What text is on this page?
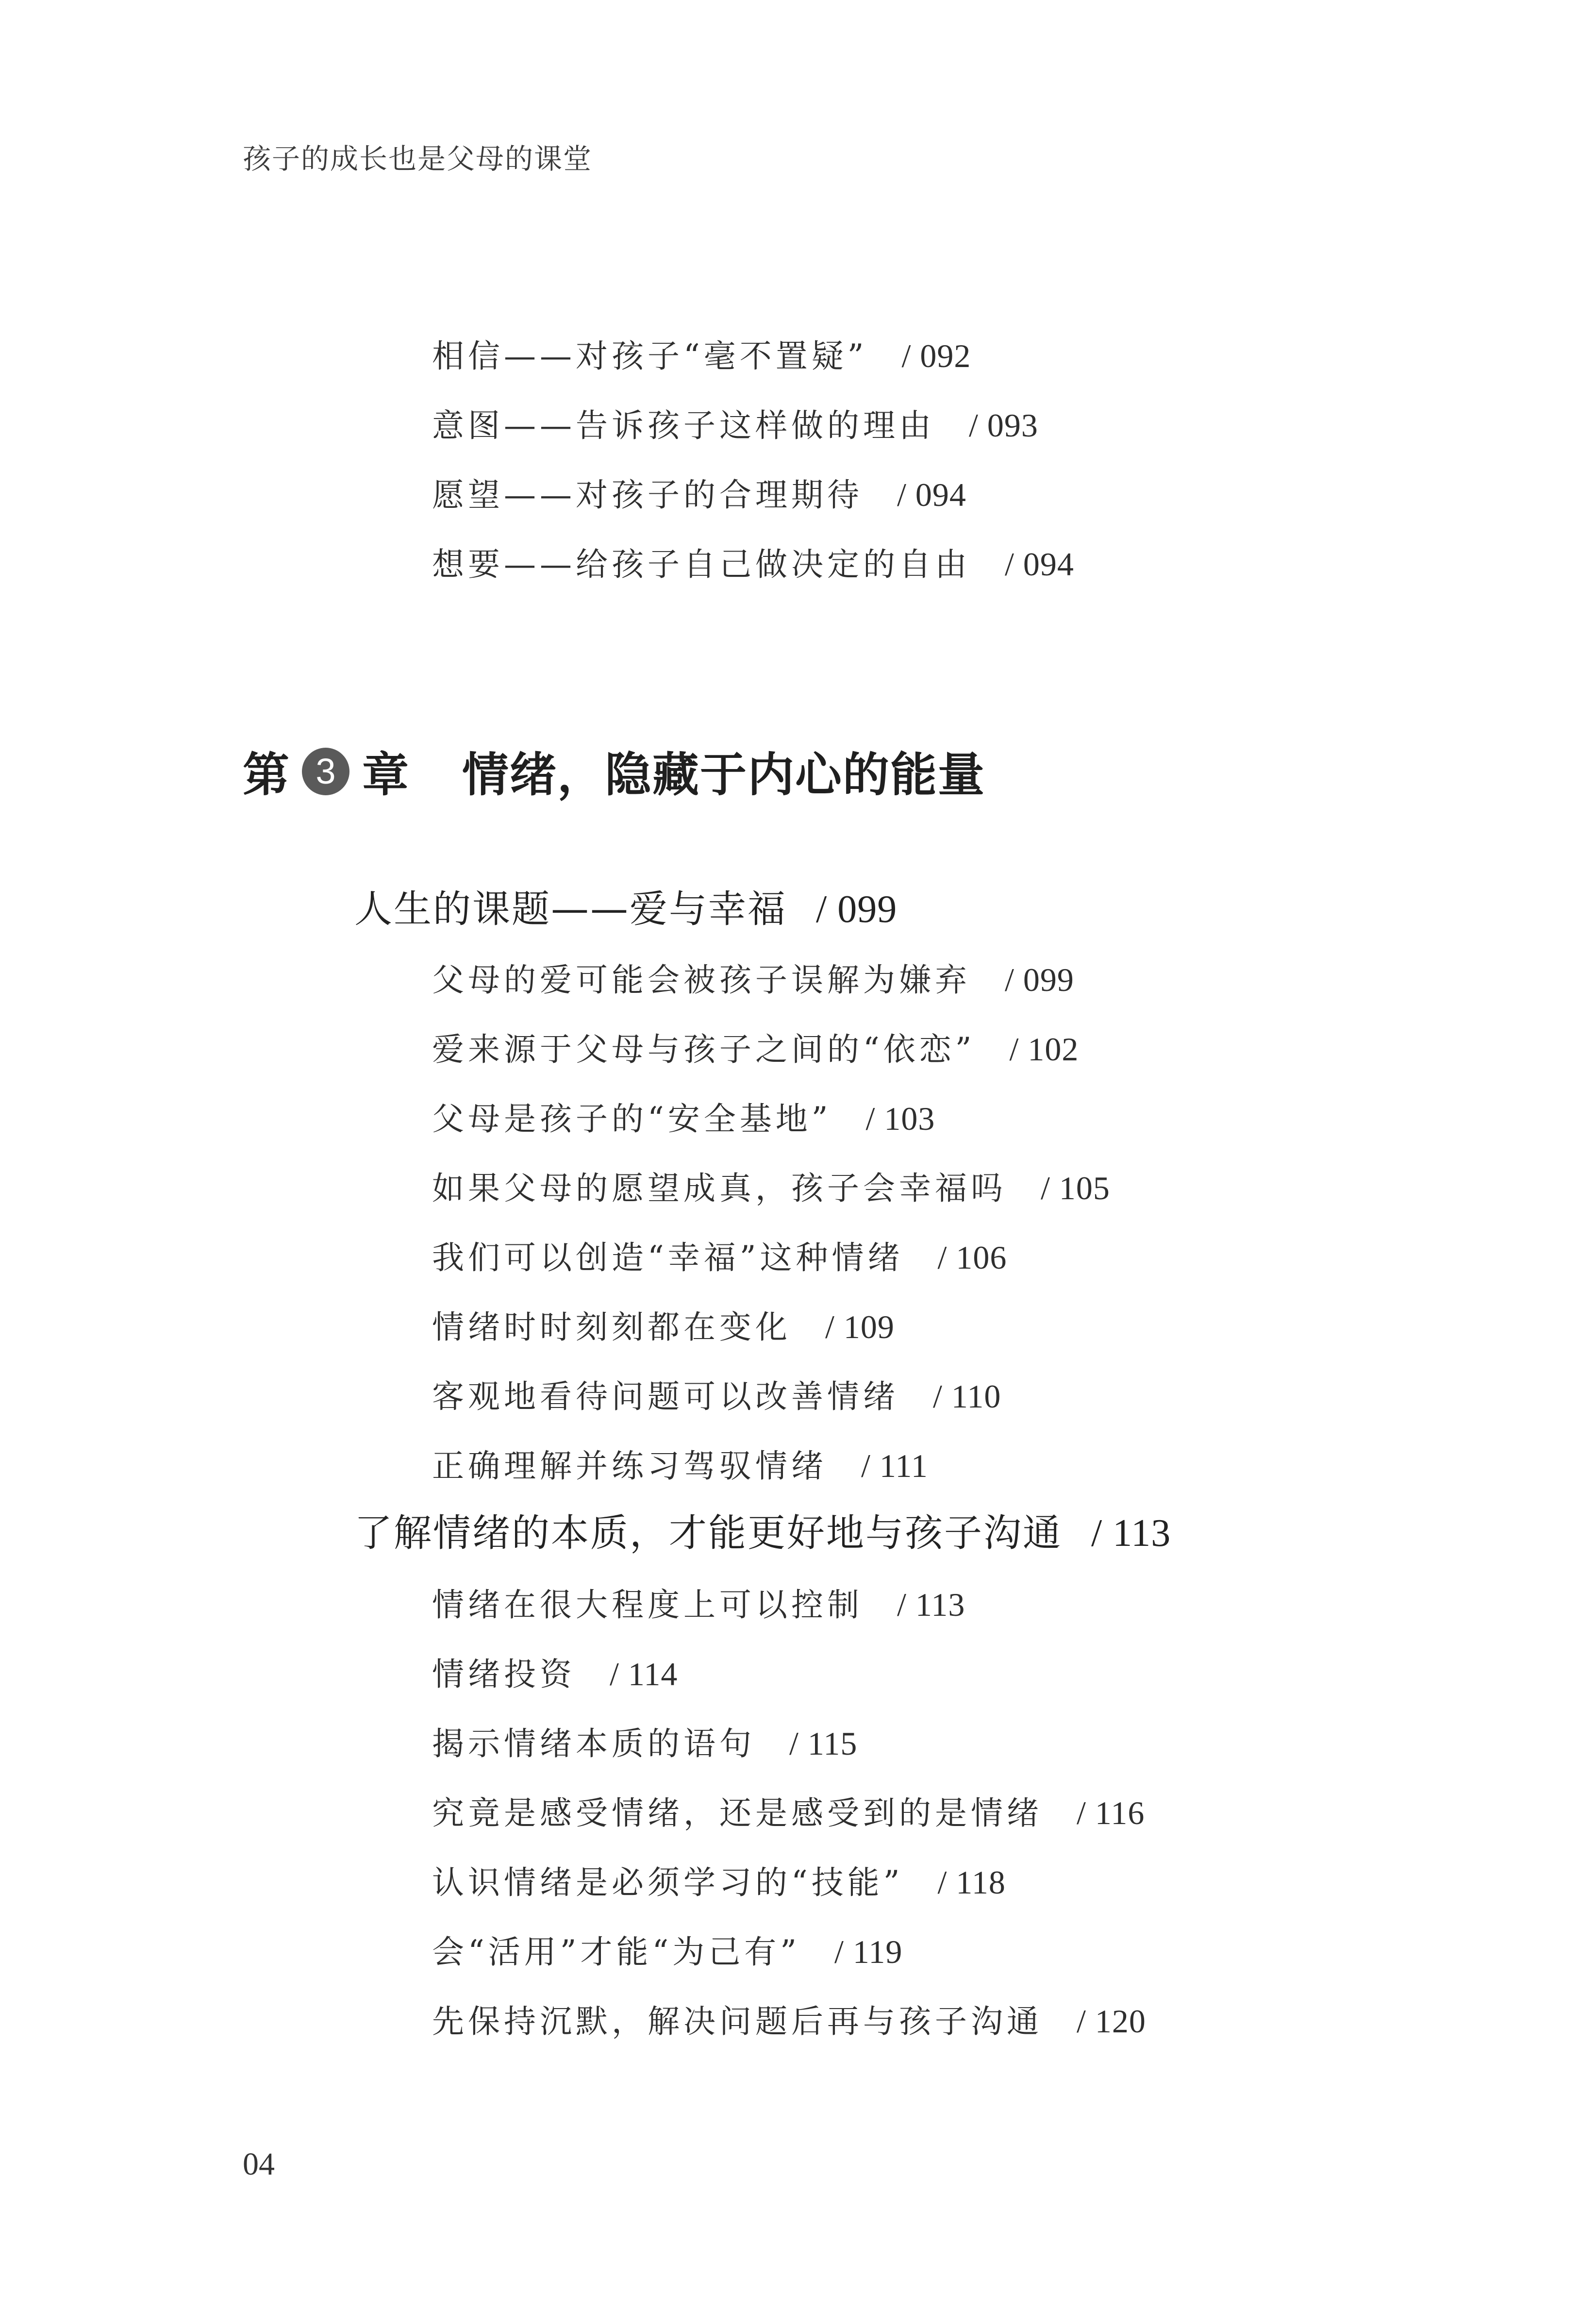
孩子的成长也是父母的课堂
相信——对孩子“毫不置疑” / 092
意图——告诉孩子这样做的理由 / 093
愿望——对孩子的合理期待 / 094
想要——给孩子自己做决定的自由 / 094
第 3 章 情绪，隐藏于内心的能量
人生的课题——爱与幸福 / 099
父母的爱可能会被孩子误解为嫌弃 / 099
爱来源于父母与孩子之间的“依恋” / 102
父母是孩子的“安全基地” / 103
如果父母的愿望成真，孩子会幸福吗 / 105
我们可以创造“幸福”这种情绪 / 106
情绪时时刻刻都在变化 / 109
客观地看待问题可以改善情绪 / 110
正确理解并练习驾驭情绪 / 111
了解情绪的本质，才能更好地与孩子沟通 / 113
情绪在很大程度上可以控制 / 113
情绪投资 / 114
揭示情绪本质的语句 / 115
究竟是感受情绪，还是感受到的是情绪 / 116
认识情绪是必须学习的“技能” / 118
会“活用”才能“为己有” / 119
先保持沉默，解决问题后再与孩子沟通 / 120
04
